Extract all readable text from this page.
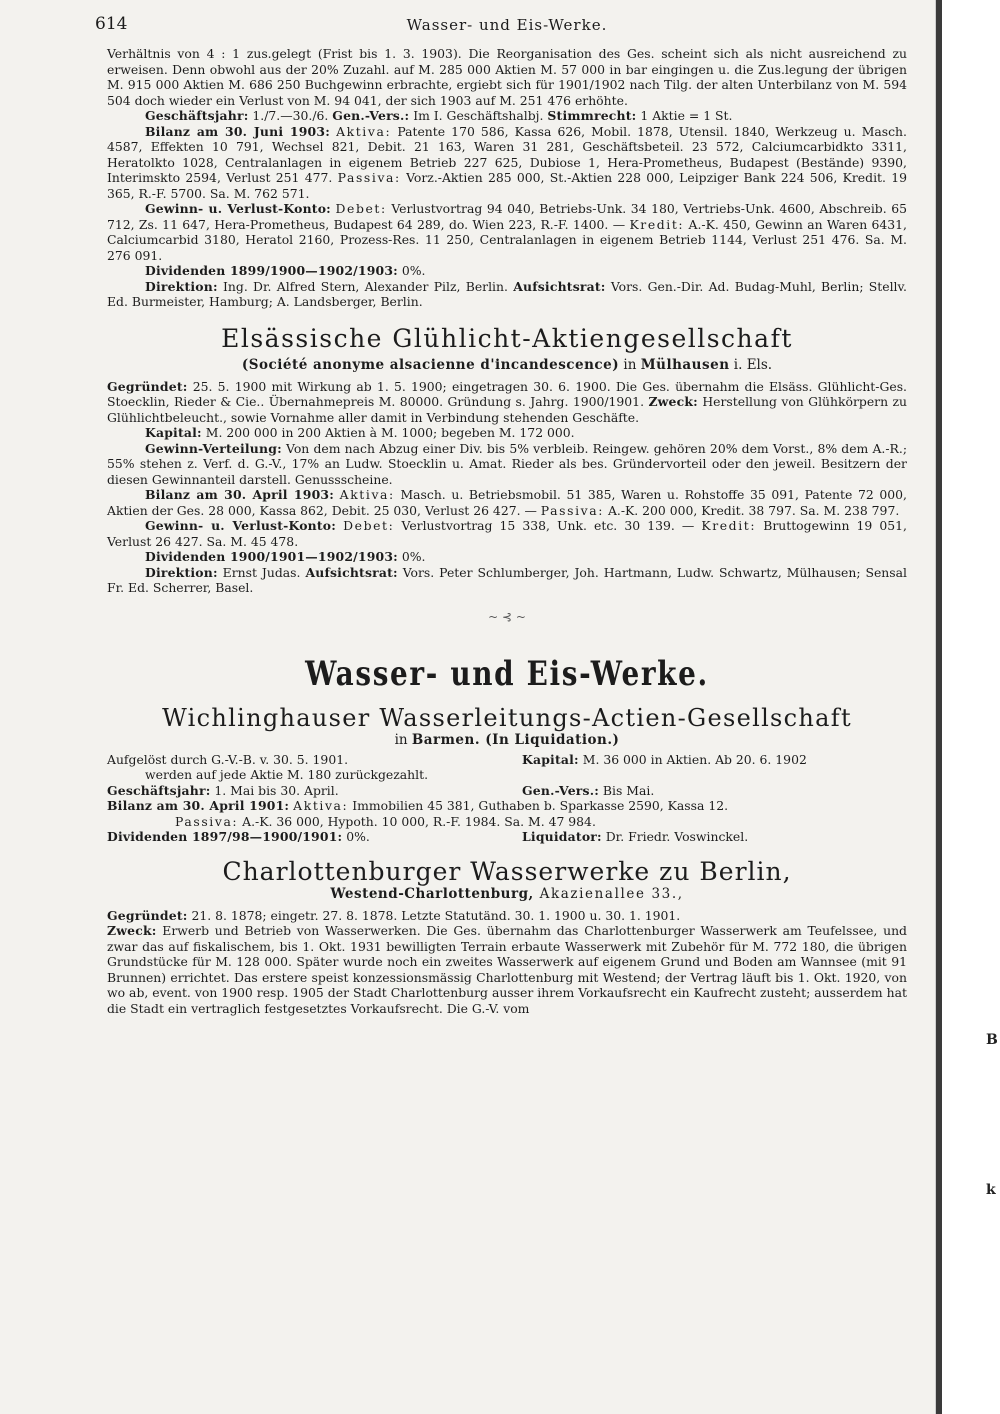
B
k
614	Wasser- und Eis-Werke.

Verhältnis von 4 : 1 zus.gelegt (Frist bis 1. 3. 1903). Die Reorganisation des Ges. scheint sich als nicht ausreichend zu erweisen. Denn obwohl aus der 20% Zuzahl. auf M. 285 000 Aktien M. 57 000 in bar eingingen u. die Zus.legung der übrigen M. 915 000 Aktien M. 686 250 Buchgewinn erbrachte, ergiebt sich für 1901/1902 nach Tilg. der alten Unterbilanz von M. 594 504 doch wieder ein Verlust von M. 94 041, der sich 1903 auf M. 251 476 erhöhte.

Geschäftsjahr: 1./7.—30./6. Gen.-Vers.: Im I. Geschäftshalbj. Stimmrecht: 1 Aktie = 1 St.

Bilanz am 30. Juni 1903: Aktiva: Patente 170 586, Kassa 626, Mobil. 1878, Utensil. 1840, Werkzeug u. Masch. 4587, Effekten 10 791, Wechsel 821, Debit. 21 163, Waren 31 281, Geschäftsbeteil. 23 572, Calciumcarbidkto 3311, Heratolkto 1028, Centralanlagen in eigenem Betrieb 227 625, Dubiose 1, Hera-Prometheus, Budapest (Bestände) 9390, Interimskto 2594, Verlust 251 477. Passiva: Vorz.-Aktien 285 000, St.-Aktien 228 000, Leipziger Bank 224 506, Kredit. 19 365, R.-F. 5700. Sa. M. 762 571.

Gewinn- u. Verlust-Konto: Debet: Verlustvortrag 94 040, Betriebs-Unk. 34 180, Vertriebs-Unk. 4600, Abschreib. 65 712, Zs. 11 647, Hera-Prometheus, Budapest 64 289, do. Wien 223, R.-F. 1400. — Kredit: A.-K. 450, Gewinn an Waren 6431, Calciumcarbid 3180, Heratol 2160, Prozess-Res. 11 250, Centralanlagen in eigenem Betrieb 1144, Verlust 251 476. Sa. M. 276 091.

Dividenden 1899/1900—1902/1903: 0%.

Direktion: Ing. Dr. Alfred Stern, Alexander Pilz, Berlin. Aufsichtsrat: Vors. Gen.-Dir. Ad. Budag-Muhl, Berlin; Stellv. Ed. Burmeister, Hamburg; A. Landsberger, Berlin.

Elsässische Glühlicht-Aktiengesellschaft
(Société anonyme alsacienne d'incandescence) in Mülhausen i. Els.

Gegründet: 25. 5. 1900 mit Wirkung ab 1. 5. 1900; eingetragen 30. 6. 1900. Die Ges. übernahm die Elsäss. Glühlicht-Ges. Stoecklin, Rieder & Cie.. Übernahmepreis M. 80000. Gründung s. Jahrg. 1900/1901. Zweck: Herstellung von Glühkörpern zu Glühlichtbeleucht., sowie Vornahme aller damit in Verbindung stehenden Geschäfte.

Kapital: M. 200 000 in 200 Aktien à M. 1000; begeben M. 172 000.

Gewinn-Verteilung: Von dem nach Abzug einer Div. bis 5% verbleib. Reingew. gehören 20% dem Vorst., 8% dem A.-R.; 55% stehen z. Verf. d. G.-V., 17% an Ludw. Stoecklin u. Amat. Rieder als bes. Gründervorteil oder den jeweil. Besitzern der diesen Gewinnanteil darstell. Genussscheine.

Bilanz am 30. April 1903: Aktiva: Masch. u. Betriebsmobil. 51 385, Waren u. Rohstoffe 35 091, Patente 72 000, Aktien der Ges. 28 000, Kassa 862, Debit. 25 030, Verlust 26 427. — Passiva: A.-K. 200 000, Kredit. 38 797. Sa. M. 238 797.

Gewinn- u. Verlust-Konto: Debet: Verlustvortrag 15 338, Unk. etc. 30 139. — Kredit: Bruttogewinn 19 051, Verlust 26 427. Sa. M. 45 478.

Dividenden 1900/1901—1902/1903: 0%.

Direktion: Ernst Judas. Aufsichtsrat: Vors. Peter Schlumberger, Joh. Hartmann, Ludw. Schwartz, Mülhausen; Sensal Fr. Ed. Scherrer, Basel.

~ ⊰ ~
Wasser- und Eis-Werke.
Wichlinghauser Wasserleitungs-Actien-Gesellschaft
in Barmen. (In Liquidation.)
Aufgelöst durch G.-V.-B. v. 30. 5. 1901.	Kapital: M. 36 000 in Aktien. Ab 20. 6. 1902

werden auf jede Aktie M. 180 zurückgezahlt.

Geschäftsjahr: 1. Mai bis 30. April.	Gen.-Vers.: Bis Mai.

Bilanz am 30. April 1901: Aktiva: Immobilien 45 381, Guthaben b. Sparkasse 2590, Kassa 12.

Passiva: A.-K. 36 000, Hypoth. 10 000, R.-F. 1984. Sa. M. 47 984.

Dividenden 1897/98—1900/1901: 0%.	Liquidator: Dr. Friedr. Voswinckel.
Charlottenburger Wasserwerke zu Berlin,
Westend-Charlottenburg, Akazienallee 33.,

Gegründet: 21. 8. 1878; eingetr. 27. 8. 1878. Letzte Statutänd. 30. 1. 1900 u. 30. 1. 1901.

Zweck: Erwerb und Betrieb von Wasserwerken. Die Ges. übernahm das Charlottenburger Wasserwerk am Teufelssee, und zwar das auf fiskalischem, bis 1. Okt. 1931 bewilligten Terrain erbaute Wasserwerk mit Zubehör für M. 772 180, die übrigen Grundstücke für M. 128 000. Später wurde noch ein zweites Wasserwerk auf eigenem Grund und Boden am Wannsee (mit 91 Brunnen) errichtet. Das erstere speist konzessionsmässig Charlottenburg mit Westend; der Vertrag läuft bis 1. Okt. 1920, von wo ab, event. von 1900 resp. 1905 der Stadt Charlottenburg ausser ihrem Vorkaufsrecht ein Kaufrecht zusteht; ausserdem hat die Stadt ein vertraglich festgesetztes Vorkaufsrecht. Die G.-V. vom
